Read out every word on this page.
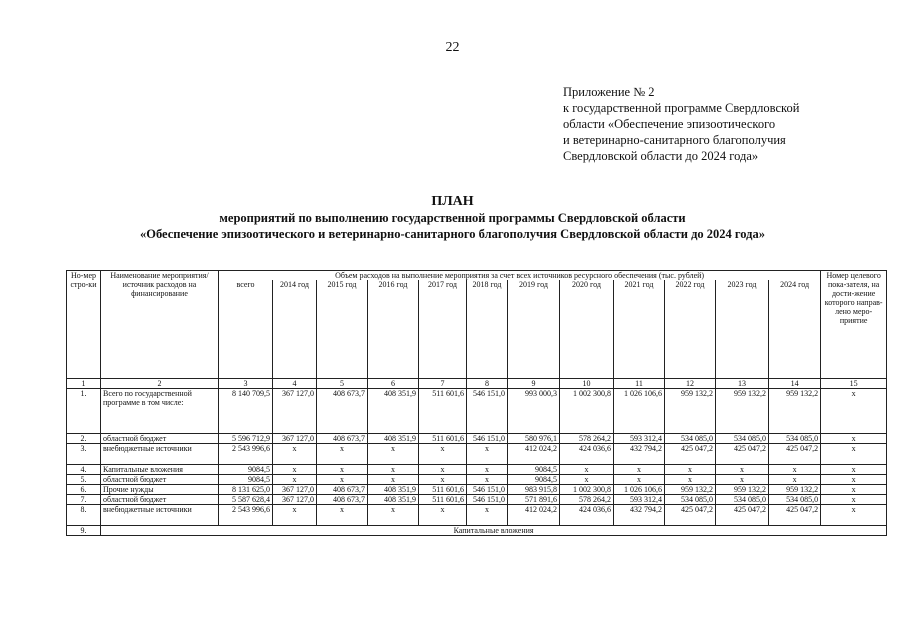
22
Приложение № 2
к государственной программе Свердловской
области «Обеспечение эпизоотического
и ветеринарно-санитарного благополучия
Свердловской области до 2024 года»
ПЛАН
мероприятий по выполнению государственной программы Свердловской области
«Обеспечение эпизоотического и ветеринарно-санитарного благополучия Свердловской области до 2024 года»
Но-мер стро-ки	Наименование мероприятия/ источник расходов на финансирование	Объем расходов на выполнение мероприятия за счет всех источников ресурсного обеспечения (тыс. рублей)												Номер целевого пока-зателя, на дости-жение которого направ-лено меро-приятие
		всего	2014 год	2015 год	2016 год	2017 год	2018 год	2019 год	2020 год	2021 год	2022 год	2023 год	2024 год	
1	2	3	4	5	6	7	8	9	10	11	12	13	14	15
1.	Всего по государственной программе в том числе:	8 140 709,5	367 127,0	408 673,7	408 351,9	511 601,6	546 151,0	993 000,3	1 002 300,8	1 026 106,6	959 132,2	959 132,2	959 132,2	x
2.	областной бюджет	5 596 712,9	367 127,0	408 673,7	408 351,9	511 601,6	546 151,0	580 976,1	578 264,2	593 312,4	534 085,0	534 085,0	534 085,0	x
3.	внебюджетные источники	2 543 996,6	x	x	x	x	x	412 024,2	424 036,6	432 794,2	425 047,2	425 047,2	425 047,2	x
4.	Капитальные вложения	9084,5	x	x	x	x	x	9084,5	x	x	x	x	x	x
5.	областной бюджет	9084,5	x	x	x	x	x	9084,5	x	x	x	x	x	x
6.	Прочие нужды	8 131 625,0	367 127,0	408 673,7	408 351,9	511 601,6	546 151,0	983 915,8	1 002 300,8	1 026 106,6	959 132,2	959 132,2	959 132,2	x
7.	областной бюджет	5 587 628,4	367 127,0	408 673,7	408 351,9	511 601,6	546 151,0	571 891,6	578 264,2	593 312,4	534 085,0	534 085,0	534 085,0	x
8.	внебюджетные источники	2 543 996,6	x	x	x	x	x	412 024,2	424 036,6	432 794,2	425 047,2	425 047,2	425 047,2	x
9.	Капитальные вложения													
